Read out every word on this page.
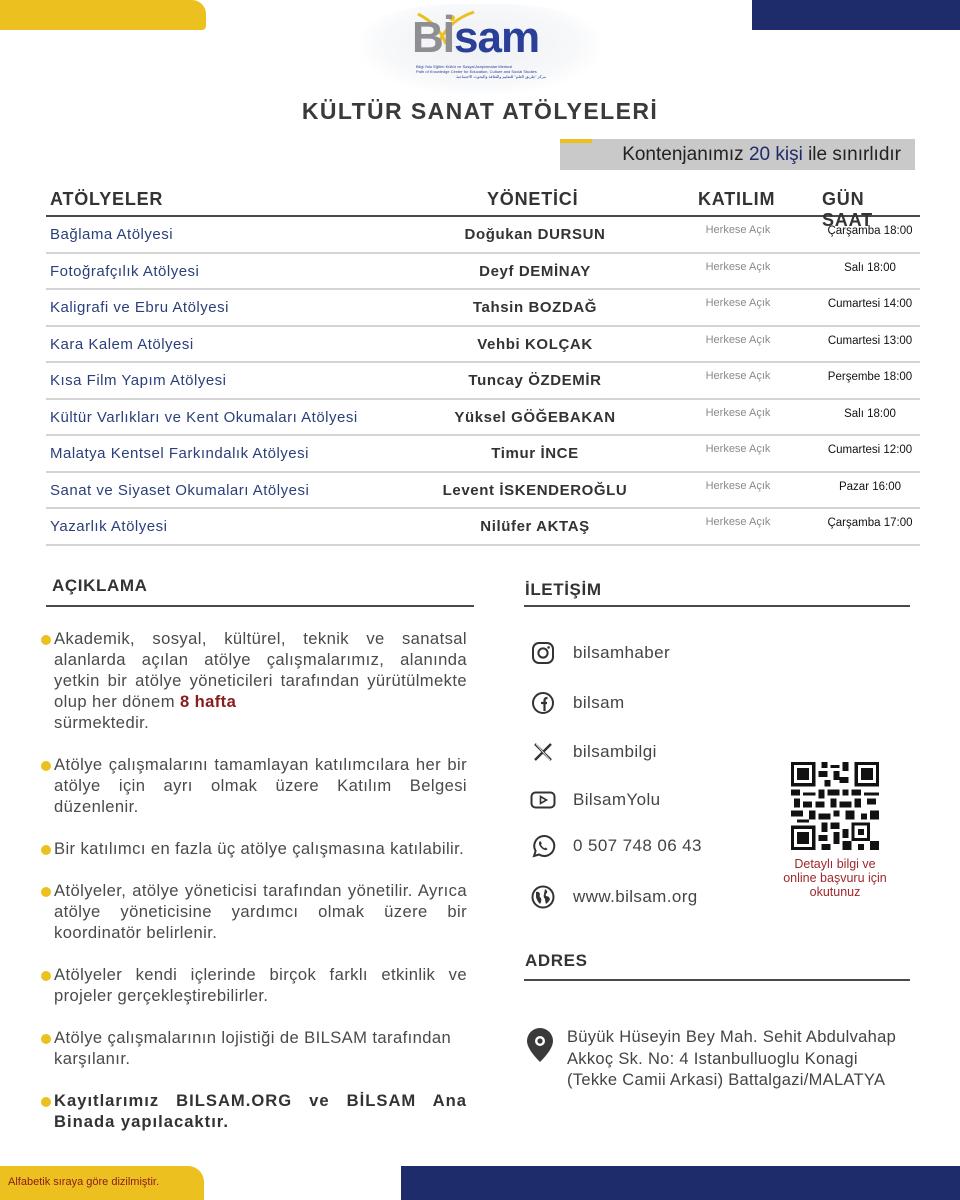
Bİsam
Bilgi Yolu Eğitim Kültür ve Sosyal Araştırmalar Merkezi
Path of Knowledge Center for Education, Culture and Social Studies
مركز "طريق العلم" للتعليم والثقافة والبحوث الاجتماعية
KÜLTÜR SANAT ATÖLYELERİ
Kontenjanımız 20 kişi ile sınırlıdır
ATÖLYELER	YÖNETİCİ	KATILIM	GÜN SAAT
Bağlama Atölyesi	Doğukan DURSUN	Herkese Açık	Çarşamba 18:00
Fotoğrafçılık Atölyesi	Deyf DEMİNAY	Herkese Açık	Salı 18:00
Kaligrafi ve Ebru Atölyesi	Tahsin BOZDAĞ	Herkese Açık	Cumartesi 14:00
Kara Kalem Atölyesi	Vehbi KOLÇAK	Herkese Açık	Cumartesi 13:00
Kısa Film Yapım Atölyesi	Tuncay ÖZDEMİR	Herkese Açık	Perşembe 18:00
Kültür Varlıkları ve Kent Okumaları Atölyesi	Yüksel GÖĞEBAKAN	Herkese Açık	Salı 18:00
Malatya Kentsel Farkındalık Atölyesi	Timur İNCE	Herkese Açık	Cumartesi 12:00
Sanat ve Siyaset Okumaları Atölyesi	Levent İSKENDEROĞLU	Herkese Açık	Pazar 16:00
Yazarlık Atölyesi	Nilüfer AKTAŞ	Herkese Açık	Çarşamba 17:00
AÇIKLAMA
Akademik, sosyal, kültürel, teknik ve sanatsal alanlarda açılan atölye çalışmalarımız, alanında yetkin bir atölye yöneticileri tarafından yürütülmekte olup her dönem 8 hafta
sürmektedir.
Atölye çalışmalarını tamamlayan katılımcılara her bir atölye için ayrı olmak üzere Katılım Belgesi düzenlenir.
Bir katılımcı en fazla üç atölye çalışmasına katılabilir.
Atölyeler, atölye yöneticisi tarafından yönetilir. Ayrıca atölye yöneticisine yardımcı olmak üzere bir koordinatör belirlenir.
Atölyeler kendi içlerinde birçok farklı etkinlik ve projeler gerçekleştirebilirler.
Atölye çalışmalarının lojistiği de BILSAM tarafından karşılanır.
Kayıtlarımız BILSAM.ORG ve BİLSAM Ana Binada yapılacaktır.
İLETİŞİM
bilsamhaber
bilsam
bilsambilgi
BilsamYolu
0 507 748 06 43
www.bilsam.org
Detaylı bilgi ve online başvuru için okutunuz
ADRES
Büyük Hüseyin Bey Mah. Sehit Abdulvahap Akkoç Sk. No: 4 Istanbulluoglu Konagi (Tekke Camii Arkasi) Battalgazi/MALATYA
Alfabetik sıraya göre dizilmiştir.
